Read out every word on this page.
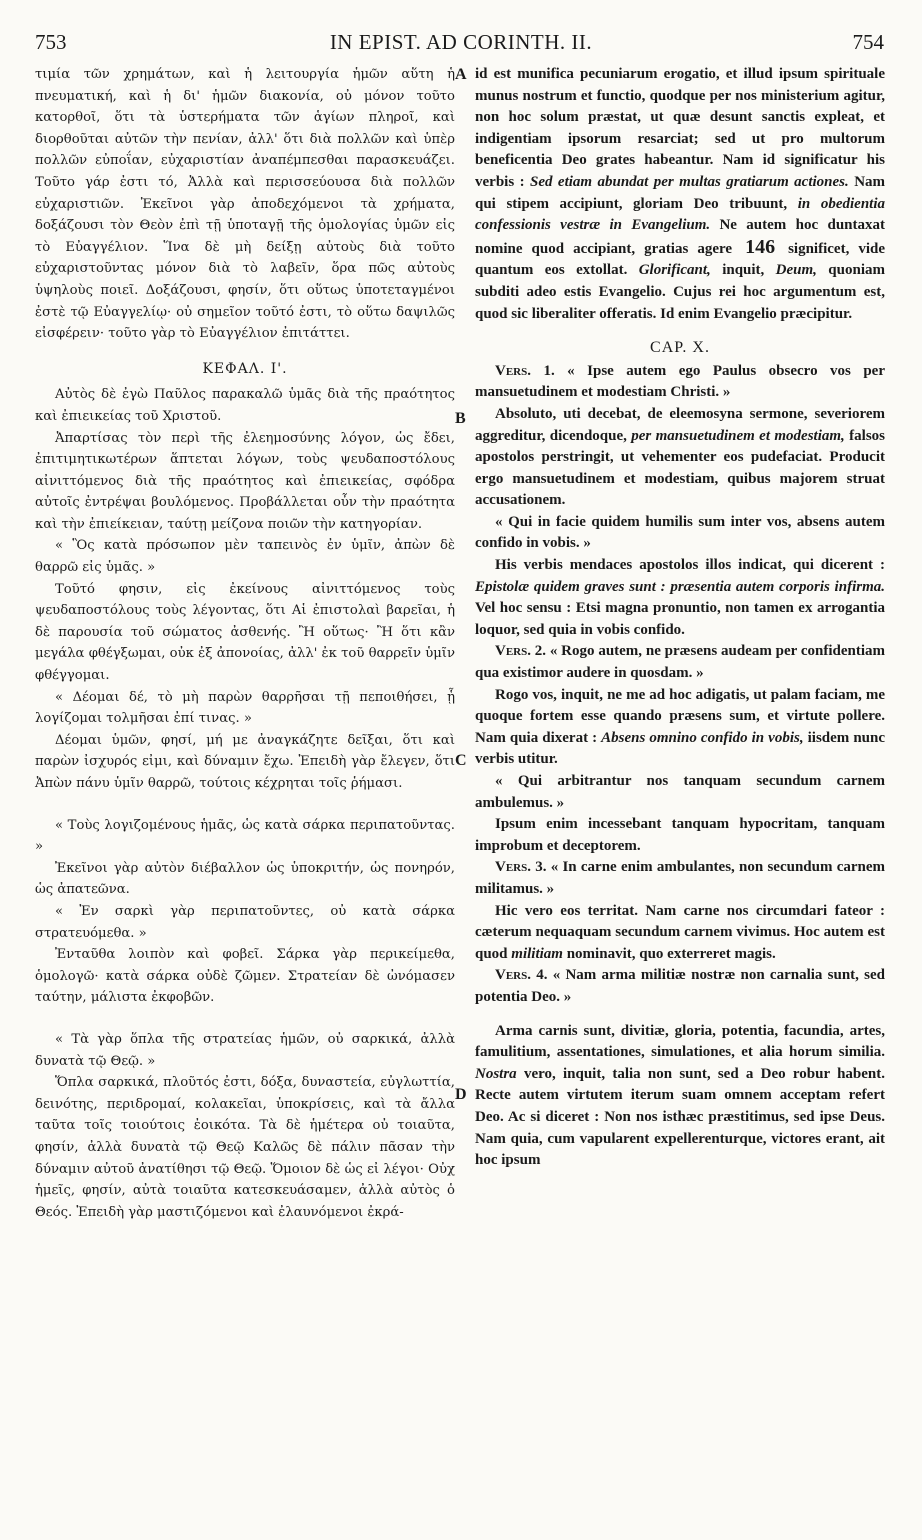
753	IN EPIST. AD CORINTH. II.	754
A
B
C
D

τιμία τῶν χρημάτων, καὶ ἡ λειτουργία ἡμῶν αὕτη ἡ πνευματική, καὶ ἡ δι' ἡμῶν διακονία, οὐ μόνον τοῦτο κατορθοῖ, ὅτι τὰ ὑστερήματα τῶν ἁγίων πληροῖ, καὶ διορθοῦται αὐτῶν τὴν πενίαν, ἀλλ' ὅτι διὰ πολλῶν καὶ ὑπὲρ πολλῶν εὐποΐαν, εὐχαριστίαν ἀναπέμπεσθαι παρασκευάζει. Τοῦτο γάρ ἐστι τό, Ἀλλὰ καὶ περισσεύουσα διὰ πολλῶν εὐχαριστιῶν. Ἐκεῖνοι γὰρ ἀποδεχόμενοι τὰ χρήματα, δοξάζουσι τὸν Θεὸν ἐπὶ τῇ ὑποταγῇ τῆς ὁμολογίας ὑμῶν εἰς τὸ Εὐαγγέλιον. Ἵνα δὲ μὴ δείξῃ αὐτοὺς διὰ τοῦτο εὐχαριστοῦντας μόνον διὰ τὸ λαβεῖν, ὅρα πῶς αὐτοὺς ὑψηλοὺς ποιεῖ. Δοξάζουσι, φησίν, ὅτι οὕτως ὑποτεταγμένοι ἐστὲ τῷ Εὐαγγελίῳ· οὐ σημεῖον τοῦτό ἐστι, τὸ οὕτω δαψιλῶς εἰσφέρειν· τοῦτο γὰρ τὸ Εὐαγγέλιον ἐπιτάττει.

ΚΕΦΑΛ. Ι'.

Αὐτὸς δὲ ἐγὼ Παῦλος παρακαλῶ ὑμᾶς διὰ τῆς πραότητος καὶ ἐπιεικείας τοῦ Χριστοῦ.

Ἀπαρτίσας τὸν περὶ τῆς ἐλεημοσύνης λόγον, ὡς ἔδει, ἐπιτιμητικωτέρων ἅπτεται λόγων, τοὺς ψευδαποστόλους αἰνιττόμενος διὰ τῆς πραότητος καὶ ἐπιεικείας, σφόδρα αὐτοῖς ἐντρέψαι βουλόμενος. Προβάλλεται οὖν τὴν πραότητα καὶ τὴν ἐπιείκειαν, ταύτῃ μείζονα ποιῶν τὴν κατηγορίαν.

« Ὃς κατὰ πρόσωπον μὲν ταπεινὸς ἐν ὑμῖν, ἀπὼν δὲ θαρρῶ εἰς ὑμᾶς. »

Τοῦτό φησιν, εἰς ἐκείνους αἰνιττόμενος τοὺς ψευδαποστόλους τοὺς λέγοντας, ὅτι Αἱ ἐπιστολαὶ βαρεῖαι, ἡ δὲ παρουσία τοῦ σώματος ἀσθενής. Ἢ οὕτως· Ἢ ὅτι κἂν μεγάλα φθέγξωμαι, οὐκ ἐξ ἀπονοίας, ἀλλ' ἐκ τοῦ θαρρεῖν ὑμῖν φθέγγομαι.

« Δέομαι δέ, τὸ μὴ παρὼν θαρρῆσαι τῇ πεποιθήσει, ᾗ λογίζομαι τολμῆσαι ἐπί τινας. »

Δέομαι ὑμῶν, φησί, μή με ἀναγκάζητε δεῖξαι, ὅτι καὶ παρὼν ἰσχυρός εἰμι, καὶ δύναμιν ἔχω. Ἐπειδὴ γὰρ ἔλεγεν, ὅτι Ἀπὼν πάνυ ὑμῖν θαρρῶ, τούτοις κέχρηται τοῖς ῥήμασι.

« Τοὺς λογιζομένους ἡμᾶς, ὡς κατὰ σάρκα περιπατοῦντας. »

Ἐκεῖνοι γὰρ αὐτὸν διέβαλλον ὡς ὑποκριτήν, ὡς πονηρόν, ὡς ἀπατεῶνα.

« Ἐν σαρκὶ γὰρ περιπατοῦντες, οὐ κατὰ σάρκα στρατευόμεθα. »

Ἐνταῦθα λοιπὸν καὶ φοβεῖ. Σάρκα γὰρ περικείμεθα, ὁμολογῶ· κατὰ σάρκα οὐδὲ ζῶμεν. Στρατείαν δὲ ὠνόμασεν ταύτην, μάλιστα ἐκφοβῶν.

« Τὰ γὰρ ὅπλα τῆς στρατείας ἡμῶν, οὐ σαρκικά, ἀλλὰ δυνατὰ τῷ Θεῷ. »

Ὅπλα σαρκικά, πλοῦτός ἐστι, δόξα, δυναστεία, εὐγλωττία, δεινότης, περιδρομαί, κολακεῖαι, ὑποκρίσεις, καὶ τὰ ἄλλα ταῦτα τοῖς τοιούτοις ἐοικότα. Τὰ δὲ ἡμέτερα οὐ τοιαῦτα, φησίν, ἀλλὰ δυνατὰ τῷ Θεῷ Καλῶς δὲ πάλιν πᾶσαν τὴν δύναμιν αὐτοῦ ἀνατίθησι τῷ Θεῷ. Ὅμοιον δὲ ὡς εἰ λέγοι· Οὐχ ἡμεῖς, φησίν, αὐτὰ τοιαῦτα κατεσκευάσαμεν, ἀλλὰ αὐτὸς ὁ Θεός. Ἐπειδὴ γὰρ μαστιζόμενοι καὶ ἐλαυνόμενοι ἐκρά-

id est munifica pecuniarum erogatio, et illud ipsum spirituale munus nostrum et functio, quodque per nos ministerium agitur, non hoc solum præstat, ut quæ desunt sanctis expleat, et indigentiam ipsorum resarciat; sed ut pro multorum beneficentia Deo grates habeantur. Nam id significatur his verbis : Sed etiam abundat per multas gratiarum actiones. Nam qui stipem accipiunt, gloriam Deo tribuunt, in obedientia confessionis vestræ in Evangelium. Ne autem hoc duntaxat nomine quod accipiant, gratias agere 146 significet, vide quantum eos extollat. Glorificant, inquit, Deum, quoniam subditi adeo estis Evangelio. Cujus rei hoc argumentum est, quod sic liberaliter offeratis. Id enim Evangelio præcipitur.

CAP. X.

Vers. 1. « Ipse autem ego Paulus obsecro vos per mansuetudinem et modestiam Christi. »

Absoluto, uti decebat, de eleemosyna sermone, severiorem aggreditur, dicendoque, per mansuetudinem et modestiam, falsos apostolos perstringit, ut vehementer eos pudefaciat. Producit ergo mansuetudinem et modestiam, quibus majorem struat accusationem.

« Qui in facie quidem humilis sum inter vos, absens autem confido in vobis. »

His verbis mendaces apostolos illos indicat, qui dicerent : Epistolæ quidem graves sunt : præsentia autem corporis infirma. Vel hoc sensu : Etsi magna pronuntio, non tamen ex arrogantia loquor, sed quia in vobis confido.

Vers. 2. « Rogo autem, ne præsens audeam per confidentiam qua existimor audere in quosdam. »

Rogo vos, inquit, ne me ad hoc adigatis, ut palam faciam, me quoque fortem esse quando præsens sum, et virtute pollere. Nam quia dixerat : Absens omnino confido in vobis, iisdem nunc verbis utitur.

« Qui arbitrantur nos tanquam secundum carnem ambulemus. »

Ipsum enim incessebant tanquam hypocritam, tanquam improbum et deceptorem.

Vers. 3. « In carne enim ambulantes, non secundum carnem militamus. »

Hic vero eos territat. Nam carne nos circumdari fateor : cæterum nequaquam secundum carnem vivimus. Hoc autem est quod militiam nominavit, quo exterreret magis.

Vers. 4. « Nam arma militiæ nostræ non carnalia sunt, sed potentia Deo. »

Arma carnis sunt, divitiæ, gloria, potentia, facundia, artes, famulitium, assentationes, simulationes, et alia horum similia. Nostra vero, inquit, talia non sunt, sed a Deo robur habent. Recte autem virtutem iterum suam omnem acceptam refert Deo. Ac si diceret : Non nos isthæc præstitimus, sed ipse Deus. Nam quia, cum vapularent expellerenturque, victores erant, ait hoc ipsum
